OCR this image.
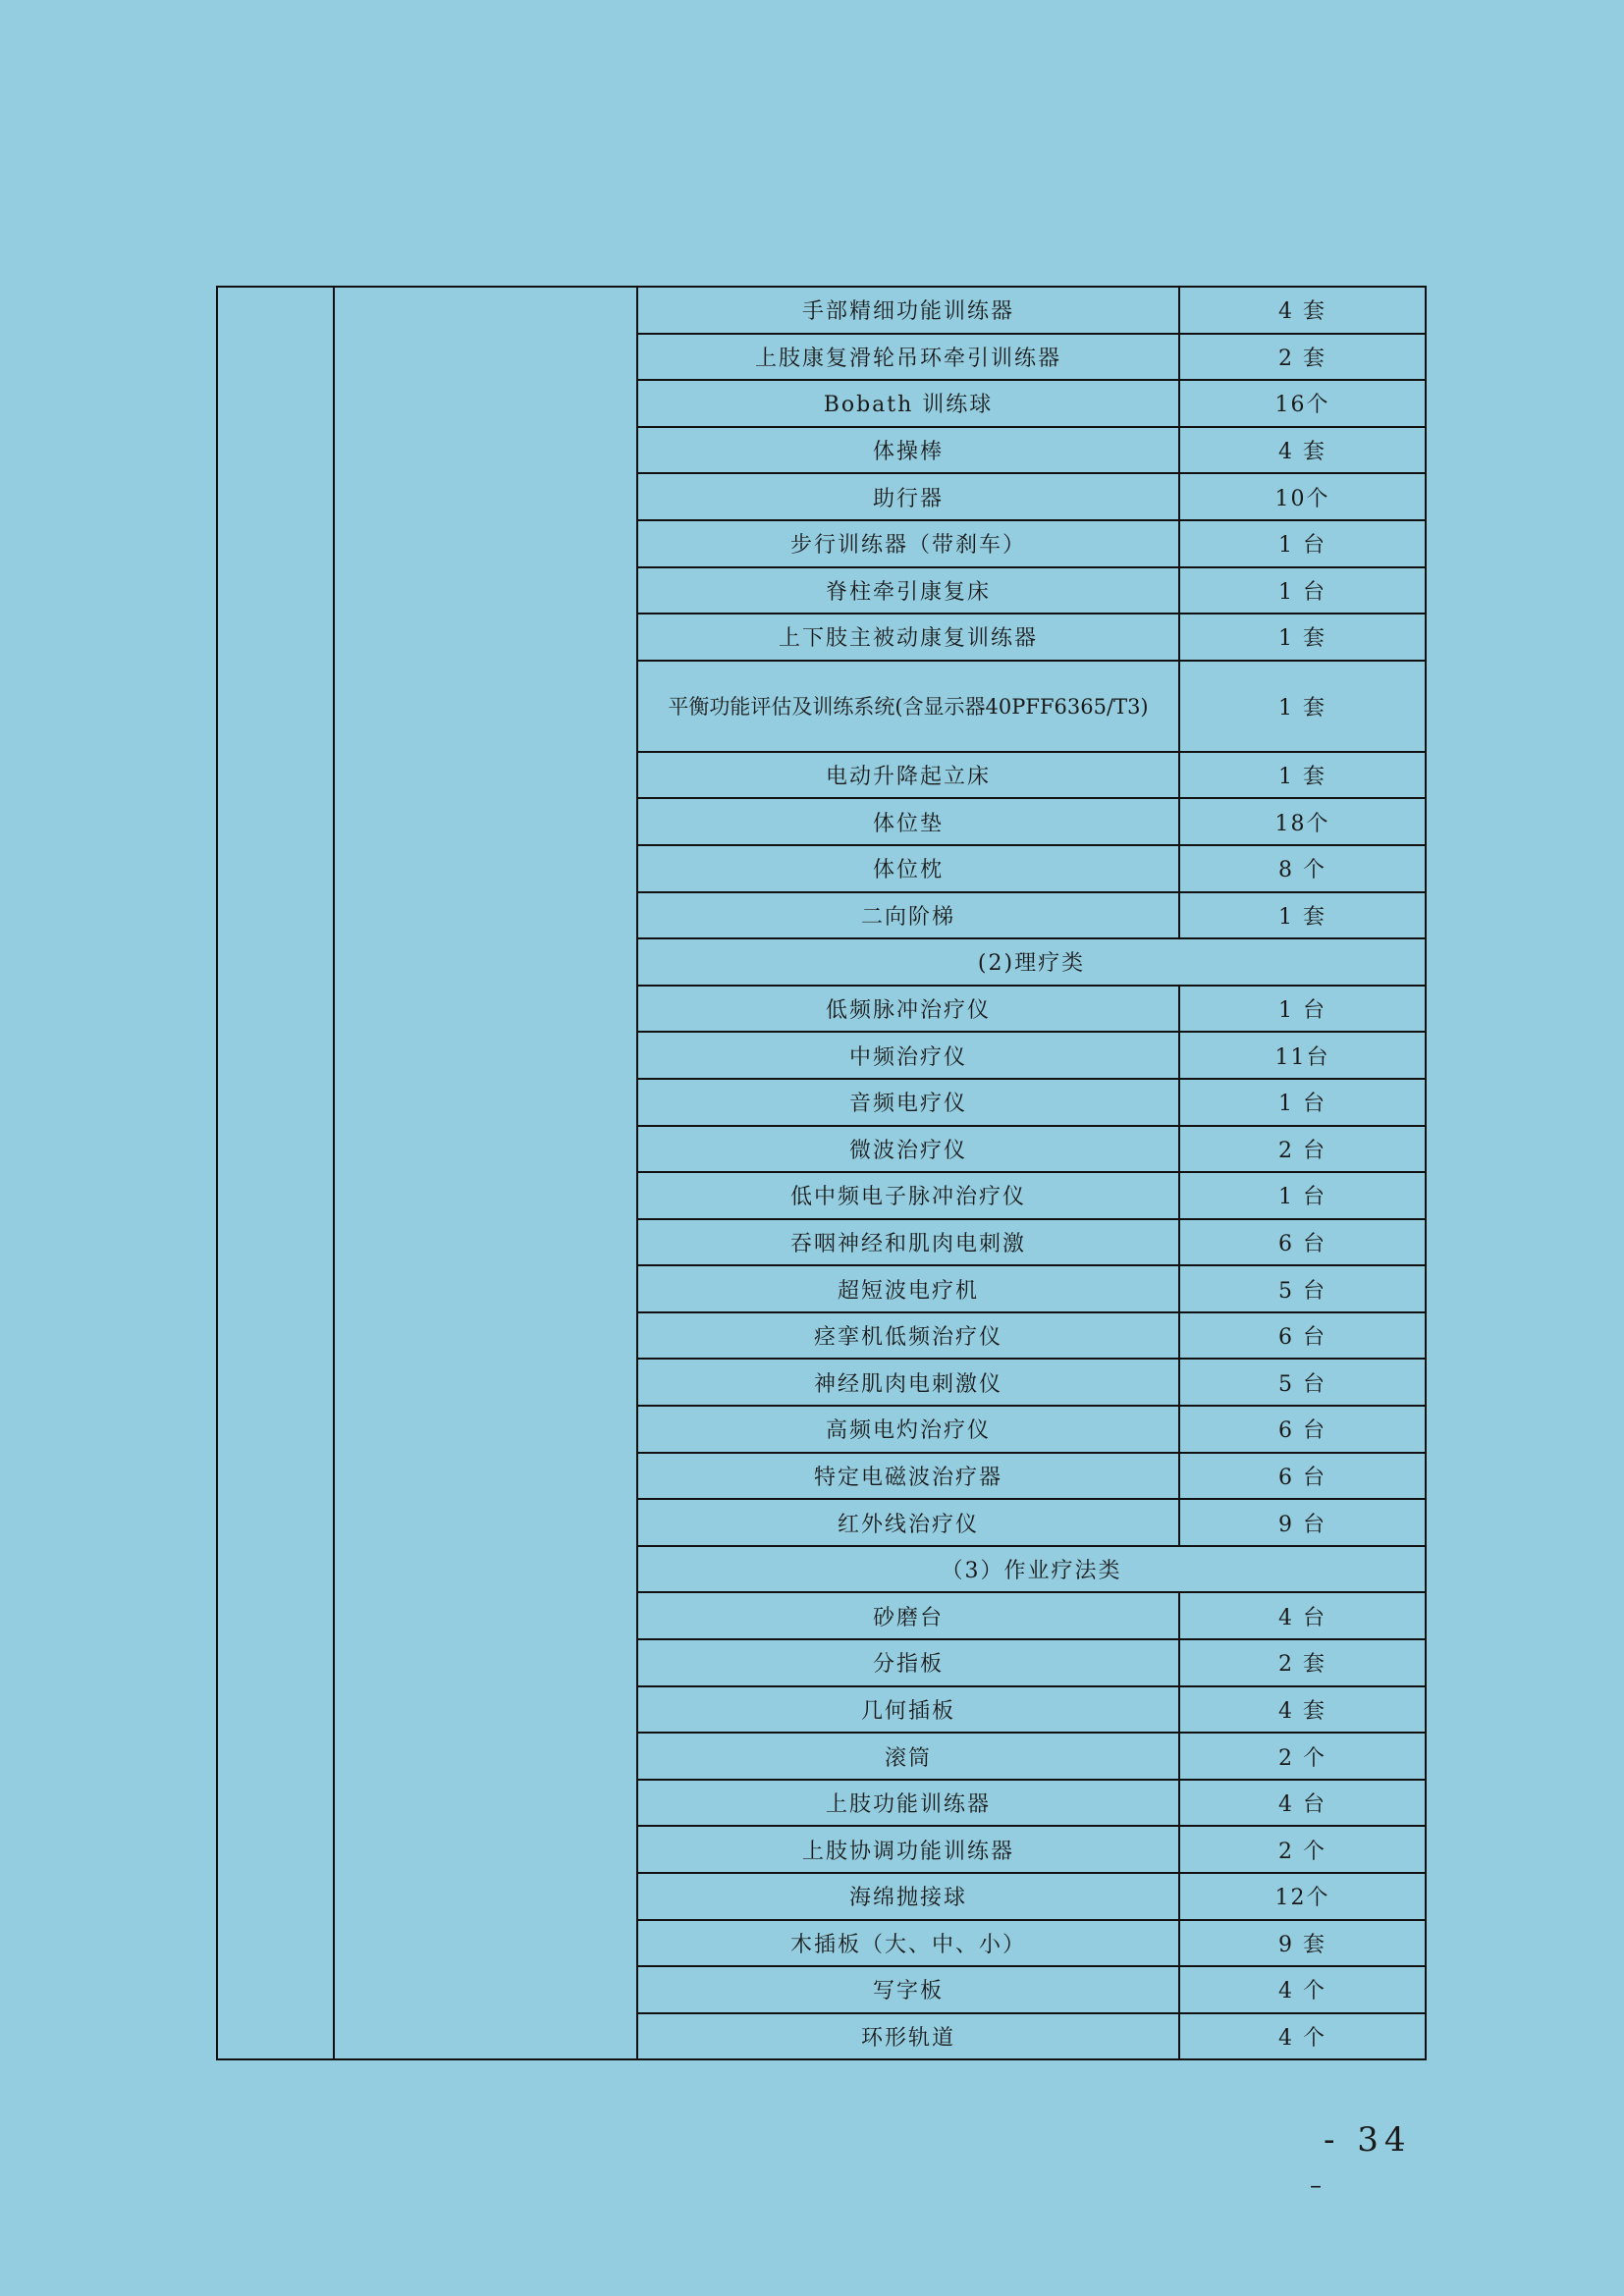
		手部精细功能训练器	4 套
		上肢康复滑轮吊环牵引训练器	2 套
		Bobath 训练球	16个
		体操棒	4 套
		助行器	10个
		步行训练器（带刹车）	1 台
		脊柱牵引康复床	1 台
		上下肢主被动康复训练器	1 套
		平衡功能评估及训练系统(含显示器40PFF6365/T3)	1 套
		电动升降起立床	1 套
		体位垫	18个
		体位枕	8 个
		二向阶梯	1 套
		(2)理疗类	
		低频脉冲治疗仪	1 台
		中频治疗仪	11台
		音频电疗仪	1 台
		微波治疗仪	2 台
		低中频电子脉冲治疗仪	1 台
		吞咽神经和肌肉电刺激	6 台
		超短波电疗机	5 台
		痉挛机低频治疗仪	6 台
		神经肌肉电刺激仪	5 台
		高频电灼治疗仪	6 台
		特定电磁波治疗器	6 台
		红外线治疗仪	9 台
		（3）作业疗法类	
		砂磨台	4 台
		分指板	2 套
		几何插板	4 套
		滚筒	2 个
		上肢功能训练器	4 台
		上肢协调功能训练器	2 个
		海绵抛接球	12个
		木插板（大、中、小）	9 套
		写字板	4 个
		环形轨道	4 个
- 34
–
